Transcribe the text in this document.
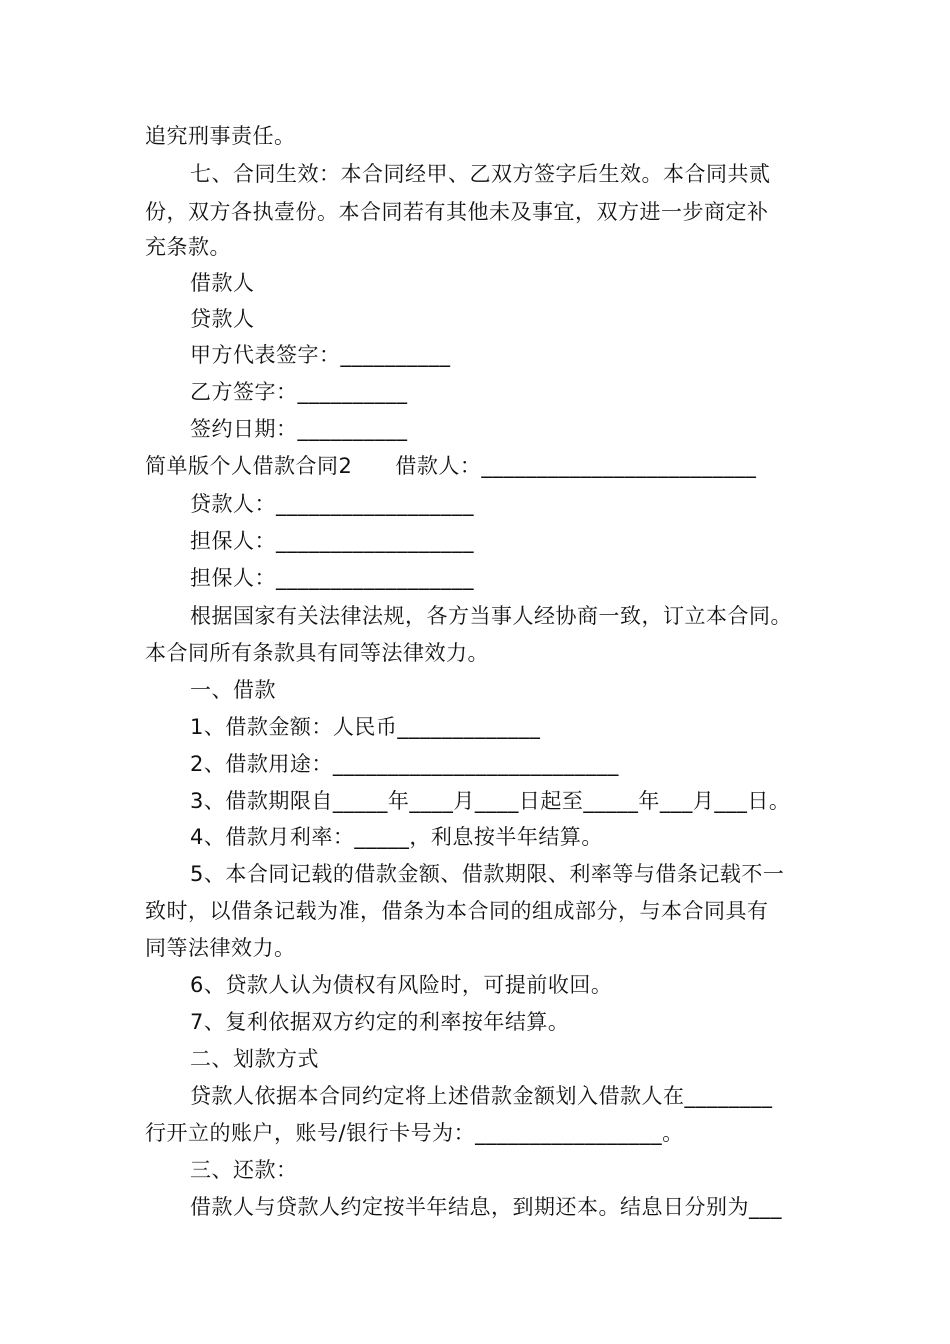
追究刑事责任。
七、合同生效：本合同经甲、乙双方签字后生效。本合同共贰
份，双方各执壹份。本合同若有其他未及事宜，双方进一步商定补
充条款。
借款人
贷款人
甲方代表签字：__________
乙方签字：__________
签约日期：__________
简单版个人借款合同2　　借款人：_________________________
贷款人：__________________
担保人：__________________
担保人：__________________
根据国家有关法律法规，各方当事人经协商一致，订立本合同。
本合同所有条款具有同等法律效力。
一、借款
1、借款金额：人民币_____________
2、借款用途：__________________________
3、借款期限自_____年____月____日起至_____年___月___日。
4、借款月利率：_____，利息按半年结算。
5、本合同记载的借款金额、借款期限、利率等与借条记载不一
致时，以借条记载为准，借条为本合同的组成部分，与本合同具有
同等法律效力。
6、贷款人认为债权有风险时，可提前收回。
7、复利依据双方约定的利率按年结算。
二、划款方式
贷款人依据本合同约定将上述借款金额划入借款人在________
行开立的账户，账号/银行卡号为：_________________。
三、还款：
借款人与贷款人约定按半年结息，到期还本。结息日分别为___
